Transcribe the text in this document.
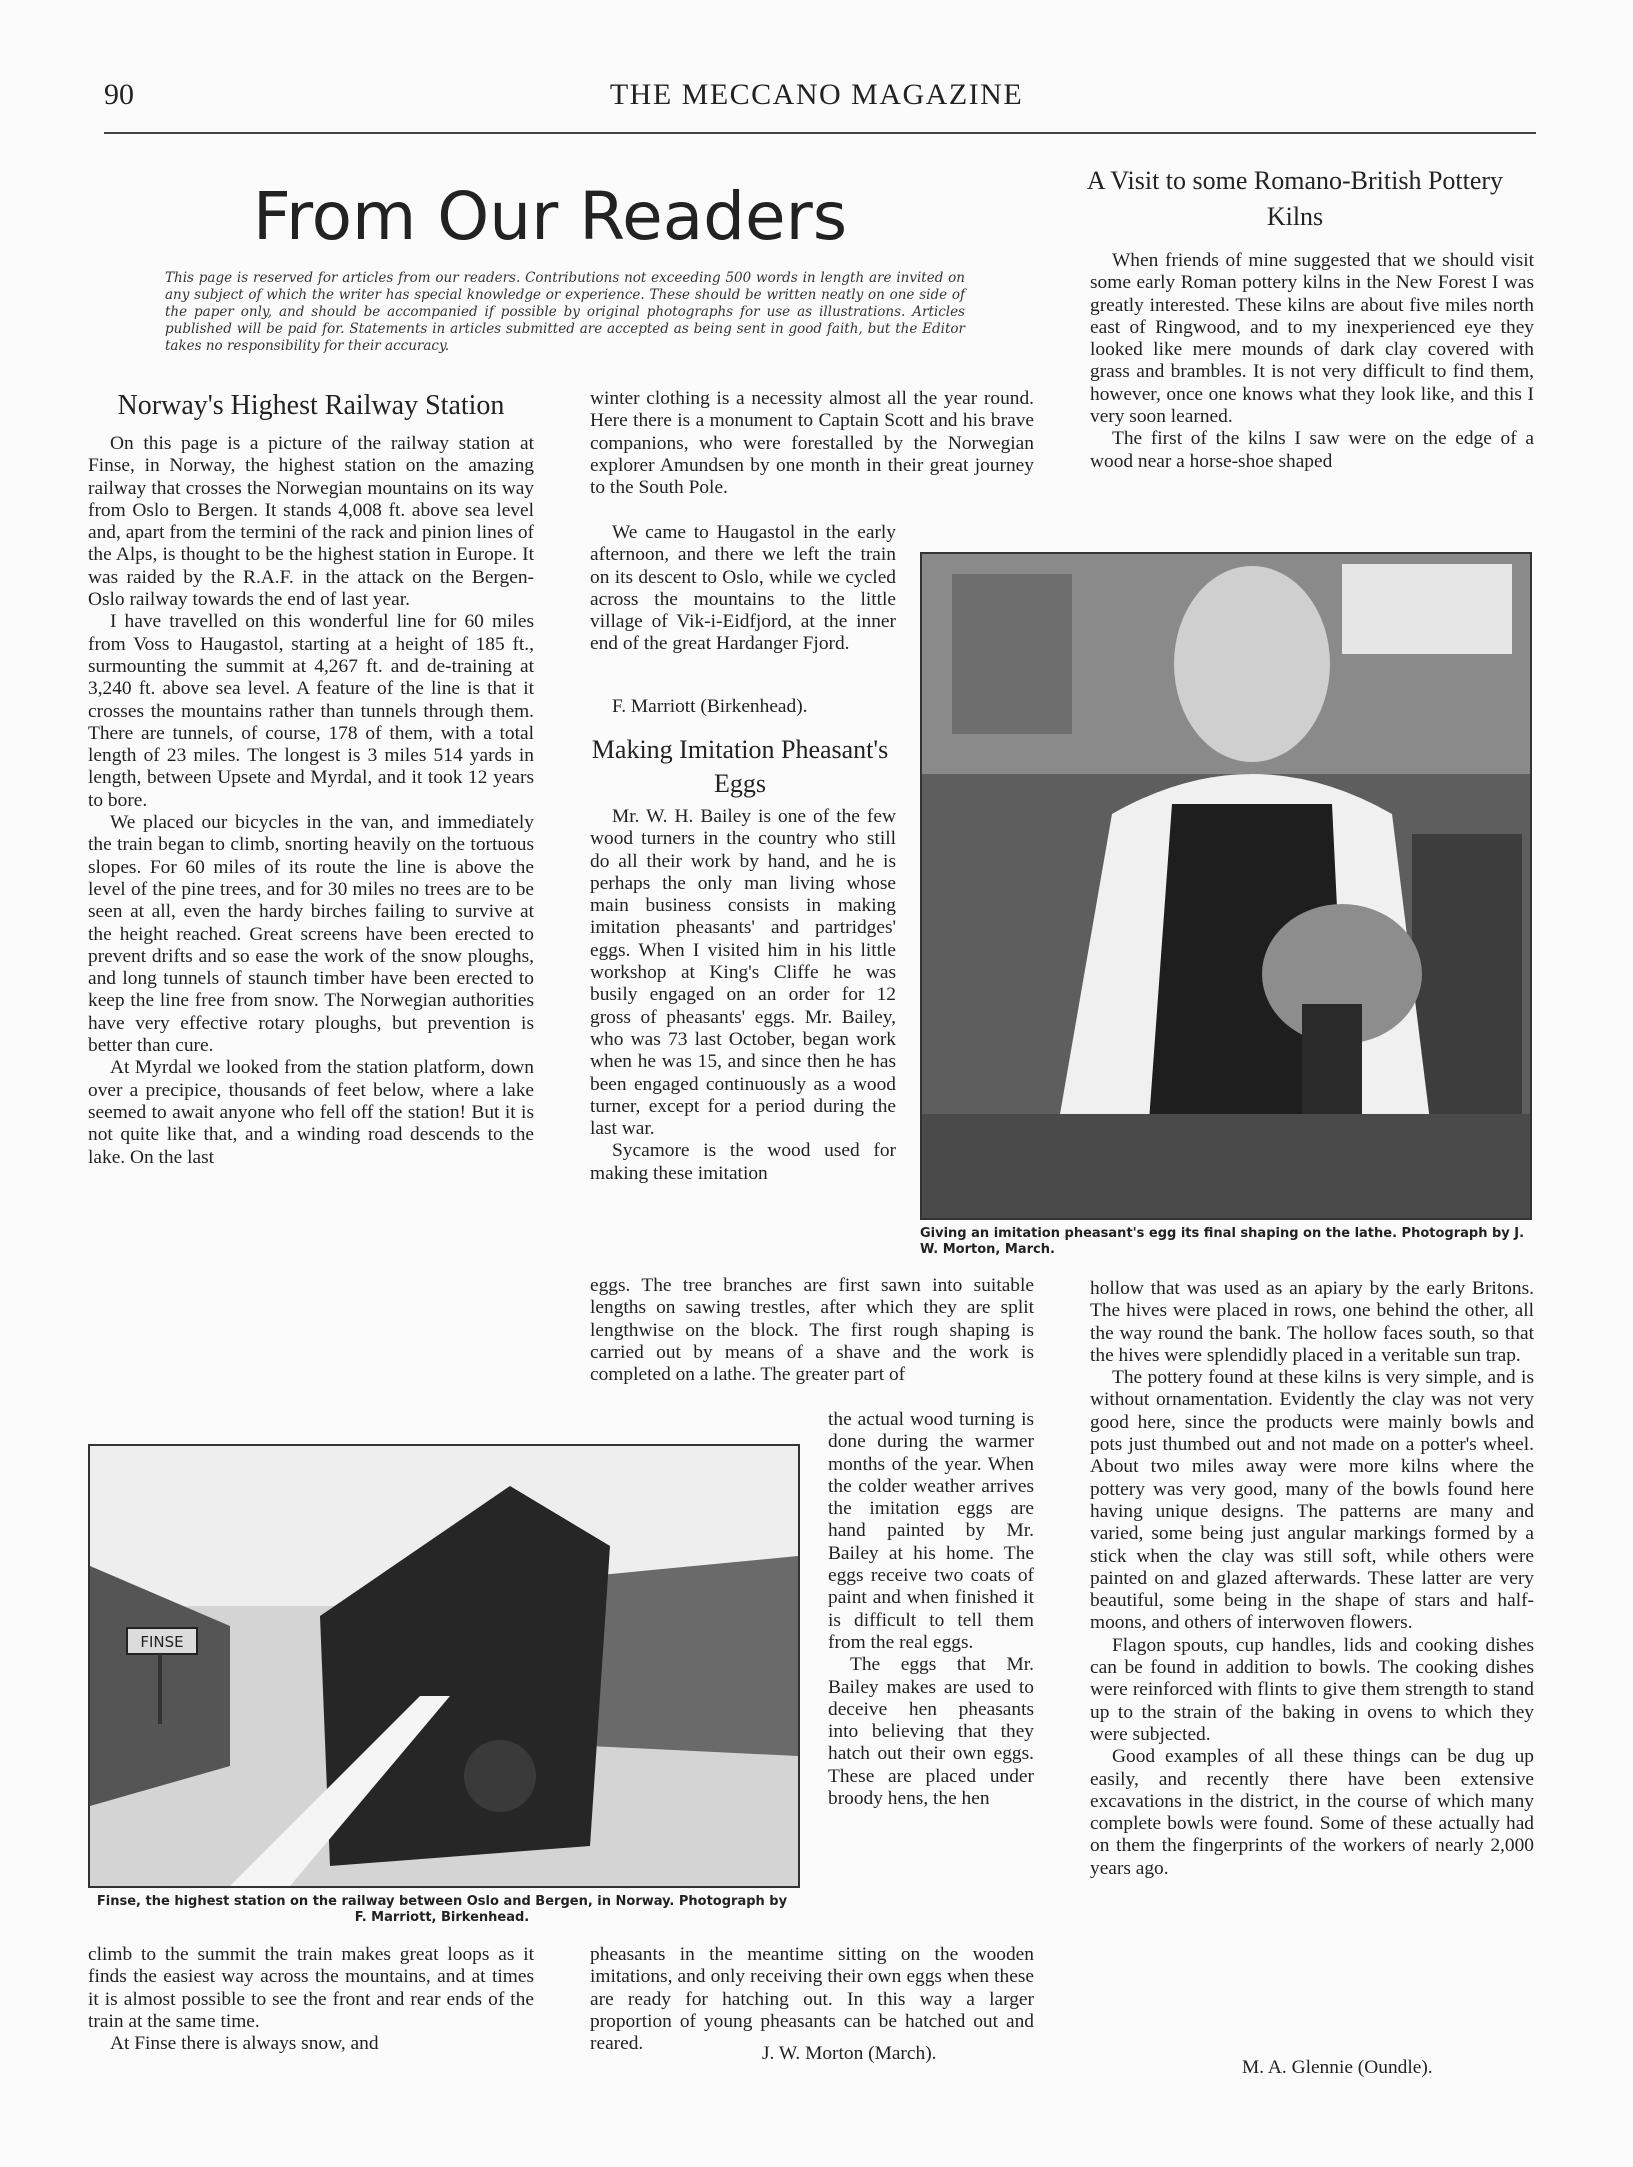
90	THE MECCANO MAGAZINE
From Our Readers
This page is reserved for articles from our readers. Contributions not exceeding 500 words in length are invited on any subject of which the writer has special knowledge or experience. These should be written neatly on one side of the paper only, and should be accompanied if possible by original photographs for use as illustrations. Articles published will be paid for. Statements in articles submitted are accepted as being sent in good faith, but the Editor takes no responsibility for their accuracy.
Norway's Highest Railway Station

On this page is a picture of the railway station at Finse, in Norway, the highest station on the amazing railway that crosses the Norwegian mountains on its way from Oslo to Bergen. It stands 4,008 ft. above sea level and, apart from the termini of the rack and pinion lines of the Alps, is thought to be the highest station in Europe. It was raided by the R.A.F. in the attack on the Bergen-Oslo railway towards the end of last year.

I have travelled on this wonderful line for 60 miles from Voss to Haugastol, starting at a height of 185 ft., surmounting the summit at 4,267 ft. and de-training at 3,240 ft. above sea level. A feature of the line is that it crosses the mountains rather than tunnels through them. There are tunnels, of course, 178 of them, with a total length of 23 miles. The longest is 3 miles 514 yards in length, between Upsete and Myrdal, and it took 12 years to bore.

We placed our bicycles in the van, and immediately the train began to climb, snorting heavily on the tortuous slopes. For 60 miles of its route the line is above the level of the pine trees, and for 30 miles no trees are to be seen at all, even the hardy birches failing to survive at the height reached. Great screens have been erected to prevent drifts and so ease the work of the snow ploughs, and long tunnels of staunch timber have been erected to keep the line free from snow. The Norwegian authorities have very effective rotary ploughs, but prevention is better than cure.

At Myrdal we looked from the station platform, down over a precipice, thousands of feet below, where a lake seemed to await anyone who fell off the station! But it is not quite like that, and a winding road descends to the lake. On the last

winter clothing is a necessity almost all the year round. Here there is a monument to Captain Scott and his brave companions, who were forestalled by the Norwegian explorer Amundsen by one month in their great journey to the South Pole.

We came to Haugastol in the early afternoon, and there we left the train on its descent to Oslo, while we cycled across the mountains to the little village of Vik-i-Eidfjord, at the inner end of the great Hardanger Fjord.

F. Marriott (Birkenhead).
Making Imitation Pheasant's Eggs

Mr. W. H. Bailey is one of the few wood turners in the country who still do all their work by hand, and he is perhaps the only man living whose main business consists in making imitation pheasants' and partridges' eggs. When I visited him in his little workshop at King's Cliffe he was busily engaged on an order for 12 gross of pheasants' eggs. Mr. Bailey, who was 73 last October, began work when he was 15, and since then he has been engaged continuously as a wood turner, except for a period during the last war.

Sycamore is the wood used for making these imitation

eggs. The tree branches are first sawn into suitable lengths on sawing trestles, after which they are split lengthwise on the block. The first rough shaping is carried out by means of a shave and the work is completed on a lathe. The greater part of

the actual wood turning is done during the warmer months of the year. When the colder weather arrives the imitation eggs are hand painted by Mr. Bailey at his home. The eggs receive two coats of paint and when finished it is difficult to tell them from the real eggs.

The eggs that Mr. Bailey makes are used to deceive hen pheasants into believing that they hatch out their own eggs. These are placed under broody hens, the hen

pheasants in the meantime sitting on the wooden imitations, and only receiving their own eggs when these are ready for hatching out. In this way a larger proportion of young pheasants can be hatched out and reared.	J. W. Morton (March).

climb to the summit the train makes great loops as it finds the easiest way across the mountains, and at times it is almost possible to see the front and rear ends of the train at the same time.

At Finse there is always snow, and

A Visit to some Romano-British Pottery Kilns

When friends of mine suggested that we should visit some early Roman pottery kilns in the New Forest I was greatly interested. These kilns are about five miles north east of Ringwood, and to my inexperienced eye they looked like mere mounds of dark clay covered with grass and brambles. It is not very difficult to find them, however, once one knows what they look like, and this I very soon learned.

The first of the kilns I saw were on the edge of a wood near a horse-shoe shaped

hollow that was used as an apiary by the early Britons. The hives were placed in rows, one behind the other, all the way round the bank. The hollow faces south, so that the hives were splendidly placed in a veritable sun trap.

The pottery found at these kilns is very simple, and is without ornamentation. Evidently the clay was not very good here, since the products were mainly bowls and pots just thumbed out and not made on a potter's wheel. About two miles away were more kilns where the pottery was very good, many of the bowls found here having unique designs. The patterns are many and varied, some being just angular markings formed by a stick when the clay was still soft, while others were painted on and glazed afterwards. These latter are very beautiful, some being in the shape of stars and half-moons, and others of interwoven flowers.

Flagon spouts, cup handles, lids and cooking dishes can be found in addition to bowls. The cooking dishes were reinforced with flints to give them strength to stand up to the strain of the baking in ovens to which they were subjected.

Good examples of all these things can be dug up easily, and recently there have been extensive excavations in the district, in the course of which many complete bowls were found. Some of these actually had on them the fingerprints of the workers of nearly 2,000 years ago.

M. A. Glennie (Oundle).
Giving an imitation pheasant's egg its final shaping on the lathe. Photograph by J. W. Morton, March.
FINSE
Finse, the highest station on the railway between Oslo and Bergen, in Norway. Photograph by F. Marriott, Birkenhead.
